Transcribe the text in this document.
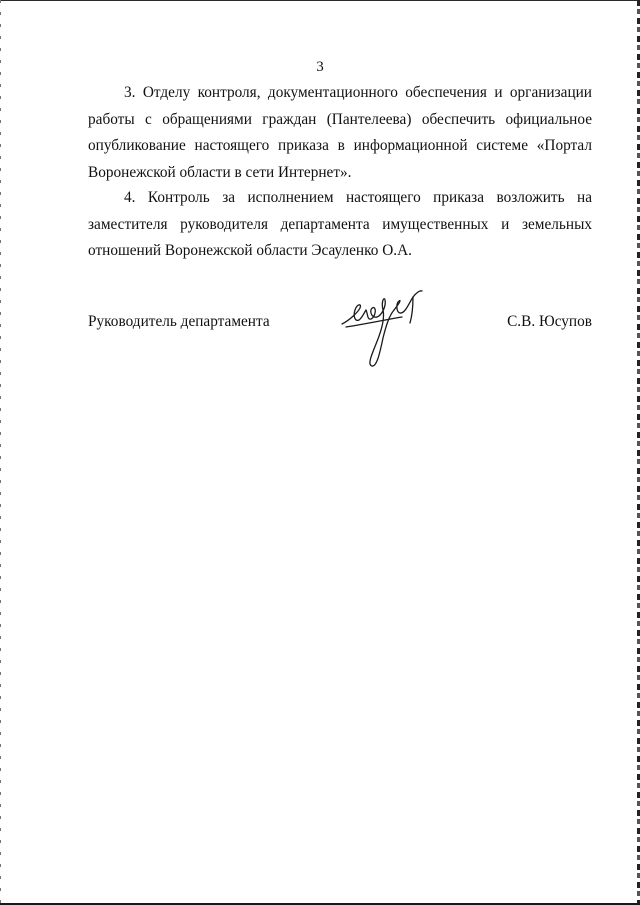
3

3. Отделу контроля, документационного обеспечения и организации работы с обращениями граждан (Пантелеева) обеспечить официальное опубликование настоящего приказа в информационной системе «Портал Воронежской области в сети Интернет».

4. Контроль за исполнением настоящего приказа возложить на заместителя руководителя департамента имущественных и земельных отношений Воронежской области Эсауленко О.А.

Руководитель департамента	С.В. Юсупов
